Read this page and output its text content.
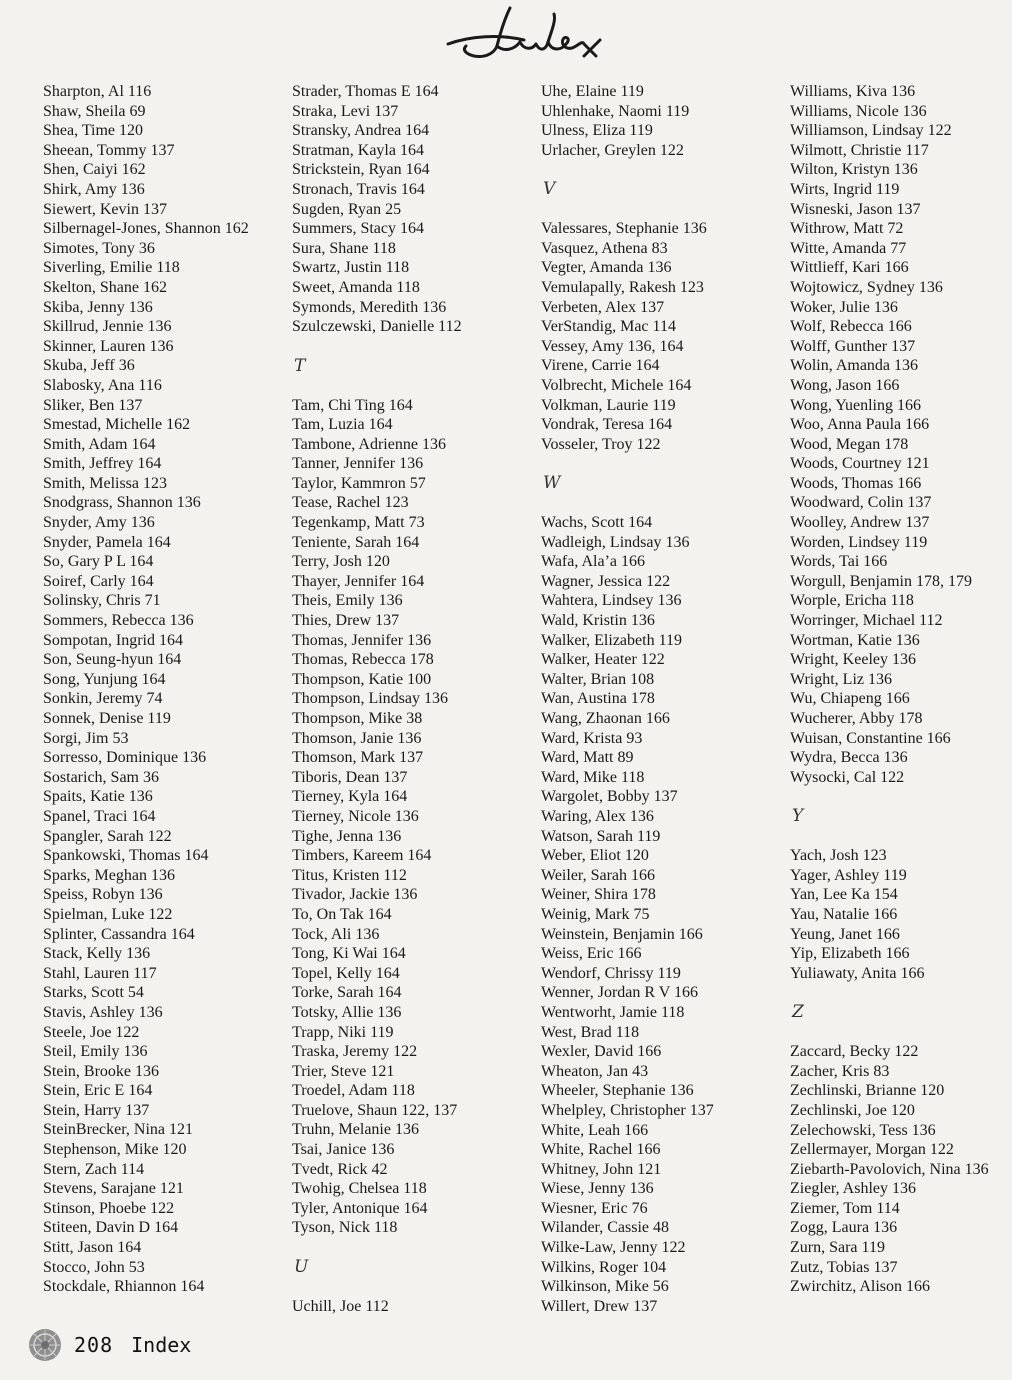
Sharpton, Al 116
Shaw, Sheila 69
Shea, Time 120
Sheean, Tommy 137
Shen, Caiyi 162
Shirk, Amy 136
Siewert, Kevin 137
Silbernagel-Jones, Shannon 162
Simotes, Tony 36
Siverling, Emilie 118
Skelton, Shane 162
Skiba, Jenny 136
Skillrud, Jennie 136
Skinner, Lauren 136
Skuba, Jeff 36
Slabosky, Ana 116
Sliker, Ben 137
Smestad, Michelle 162
Smith, Adam 164
Smith, Jeffrey 164
Smith, Melissa 123
Snodgrass, Shannon 136
Snyder, Amy 136
Snyder, Pamela 164
So, Gary P L 164
Soiref, Carly 164
Solinsky, Chris 71
Sommers, Rebecca 136
Sompotan, Ingrid 164
Son, Seung-hyun 164
Song, Yunjung 164
Sonkin, Jeremy 74
Sonnek, Denise 119
Sorgi, Jim 53
Sorresso, Dominique 136
Sostarich, Sam 36
Spaits, Katie 136
Spanel, Traci 164
Spangler, Sarah 122
Spankowski, Thomas 164
Sparks, Meghan 136
Speiss, Robyn 136
Spielman, Luke 122
Splinter, Cassandra 164
Stack, Kelly 136
Stahl, Lauren 117
Starks, Scott 54
Stavis, Ashley 136
Steele, Joe 122
Steil, Emily 136
Stein, Brooke 136
Stein, Eric E 164
Stein, Harry 137
SteinBrecker, Nina 121
Stephenson, Mike 120
Stern, Zach 114
Stevens, Sarajane 121
Stinson, Phoebe 122
Stiteen, Davin D 164
Stitt, Jason 164
Stocco, John 53
Stockdale, Rhiannon 164
Strader, Thomas E 164
Straka, Levi 137
Stransky, Andrea 164
Stratman, Kayla 164
Strickstein, Ryan 164
Stronach, Travis 164
Sugden, Ryan 25
Summers, Stacy 164
Sura, Shane 118
Swartz, Justin 118
Sweet, Amanda 118
Symonds, Meredith 136
Szulczewski, Danielle 112
T
Tam, Chi Ting 164
Tam, Luzia 164
Tambone, Adrienne 136
Tanner, Jennifer 136
Taylor, Kammron 57
Tease, Rachel 123
Tegenkamp, Matt 73
Teniente, Sarah 164
Terry, Josh 120
Thayer, Jennifer 164
Theis, Emily 136
Thies, Drew 137
Thomas, Jennifer 136
Thomas, Rebecca 178
Thompson, Katie 100
Thompson, Lindsay 136
Thompson, Mike 38
Thomson, Janie 136
Thomson, Mark 137
Tiboris, Dean 137
Tierney, Kyla 164
Tierney, Nicole 136
Tighe, Jenna 136
Timbers, Kareem 164
Titus, Kristen 112
Tivador, Jackie 136
To, On Tak 164
Tock, Ali 136
Tong, Ki Wai 164
Topel, Kelly 164
Torke, Sarah 164
Totsky, Allie 136
Trapp, Niki 119
Traska, Jeremy 122
Trier, Steve 121
Troedel, Adam 118
Truelove, Shaun 122, 137
Truhn, Melanie 136
Tsai, Janice 136
Tvedt, Rick 42
Twohig, Chelsea 118
Tyler, Antonique 164
Tyson, Nick 118
U
Uchill, Joe 112
Uhe, Elaine 119
Uhlenhake, Naomi 119
Ulness, Eliza 119
Urlacher, Greylen 122
V
Valessares, Stephanie 136
Vasquez, Athena 83
Vegter, Amanda 136
Vemulapally, Rakesh 123
Verbeten, Alex 137
VerStandig, Mac 114
Vessey, Amy 136, 164
Virene, Carrie 164
Volbrecht, Michele 164
Volkman, Laurie 119
Vondrak, Teresa 164
Vosseler, Troy 122
W
Wachs, Scott 164
Wadleigh, Lindsay 136
Wafa, Ala’a 166
Wagner, Jessica 122
Wahtera, Lindsey 136
Wald, Kristin 136
Walker, Elizabeth 119
Walker, Heater 122
Walter, Brian 108
Wan, Austina 178
Wang, Zhaonan 166
Ward, Krista 93
Ward, Matt 89
Ward, Mike 118
Wargolet, Bobby 137
Waring, Alex 136
Watson, Sarah 119
Weber, Eliot 120
Weiler, Sarah 166
Weiner, Shira 178
Weinig, Mark 75
Weinstein, Benjamin 166
Weiss, Eric 166
Wendorf, Chrissy 119
Wenner, Jordan R V 166
Wentworht, Jamie 118
West, Brad 118
Wexler, David 166
Wheaton, Jan 43
Wheeler, Stephanie 136
Whelpley, Christopher 137
White, Leah 166
White, Rachel 166
Whitney, John 121
Wiese, Jenny 136
Wiesner, Eric 76
Wilander, Cassie 48
Wilke-Law, Jenny 122
Wilkins, Roger 104
Wilkinson, Mike 56
Willert, Drew 137
Williams, Kiva 136
Williams, Nicole 136
Williamson, Lindsay 122
Wilmott, Christie 117
Wilton, Kristyn 136
Wirts, Ingrid 119
Wisneski, Jason 137
Withrow, Matt 72
Witte, Amanda 77
Wittlieff, Kari 166
Wojtowicz, Sydney 136
Woker, Julie 136
Wolf, Rebecca 166
Wolff, Gunther 137
Wolin, Amanda 136
Wong, Jason 166
Wong, Yuenling 166
Woo, Anna Paula 166
Wood, Megan 178
Woods, Courtney 121
Woods, Thomas 166
Woodward, Colin 137
Woolley, Andrew 137
Worden, Lindsey 119
Words, Tai 166
Worgull, Benjamin 178, 179
Worple, Ericha 118
Worringer, Michael 112
Wortman, Katie 136
Wright, Keeley 136
Wright, Liz 136
Wu, Chiapeng 166
Wucherer, Abby 178
Wuisan, Constantine 166
Wydra, Becca 136
Wysocki, Cal 122
Y
Yach, Josh 123
Yager, Ashley 119
Yan, Lee Ka 154
Yau, Natalie 166
Yeung, Janet 166
Yip, Elizabeth 166
Yuliawaty, Anita 166
Z
Zaccard, Becky 122
Zacher, Kris 83
Zechlinski, Brianne 120
Zechlinski, Joe 120
Zelechowski, Tess 136
Zellermayer, Morgan 122
Ziebarth-Pavolovich, Nina 136
Ziegler, Ashley 136
Ziemer, Tom 114
Zogg, Laura 136
Zurn, Sara 119
Zutz, Tobias 137
Zwirchitz, Alison 166
208 Index
